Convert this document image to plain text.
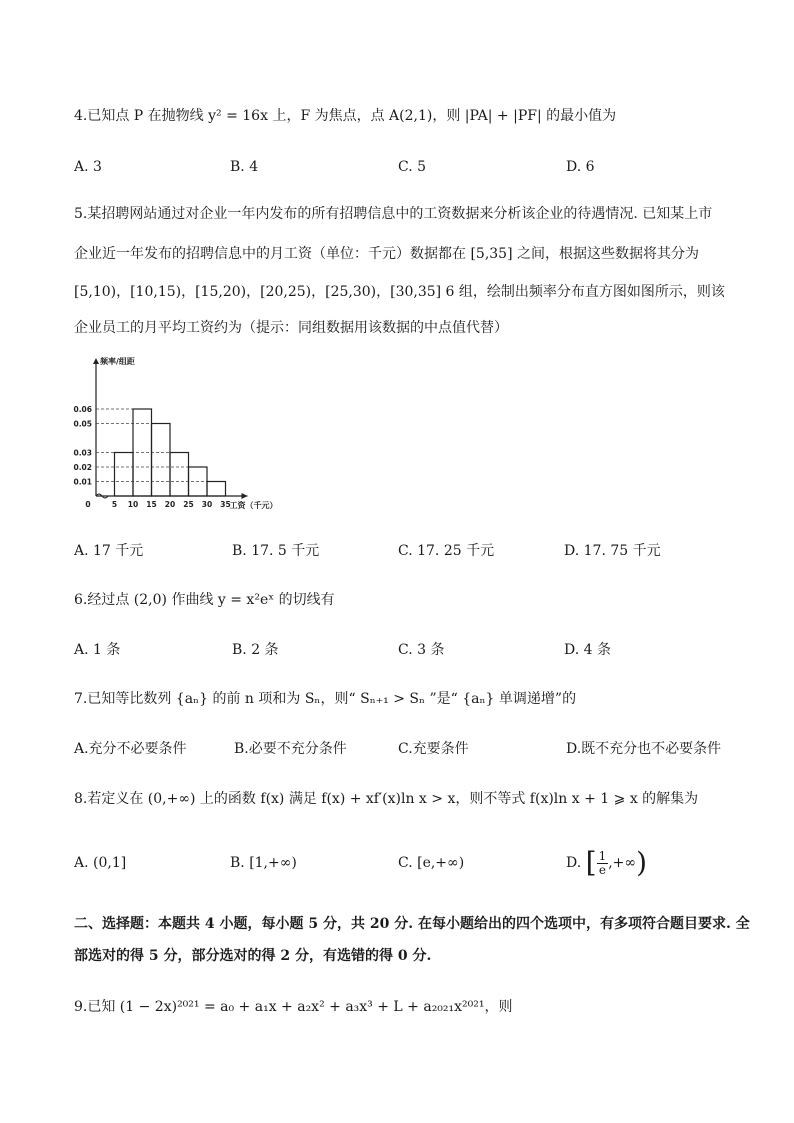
4.已知点 P 在抛物线 y² = 16x 上，F 为焦点，点 A(2,1)，则 |PA| + |PF| 的最小值为
A. 3	B. 4	C. 5	D. 6
5.某招聘网站通过对企业一年内发布的所有招聘信息中的工资数据来分析该企业的待遇情况. 已知某上市
企业近一年发布的招聘信息中的月工资（单位：千元）数据都在 [5,35] 之间，根据这些数据将其分为
[5,10)，[10,15)，[15,20)，[20,25)，[25,30)，[30,35] 6 组，绘制出频率分布直方图如图所示，则该
企业员工的月平均工资约为（提示：同组数据用该数据的中点值代替）
0.01
0.02
0.03
0.05
0.06
5 10 15 20 25 30 35
0
频率/组距
工资（千元）
A. 17 千元	B. 17. 5 千元	C. 17. 25 千元	D. 17. 75 千元
6.经过点 (2,0) 作曲线 y = x²eˣ 的切线有
A. 1 条	B. 2 条	C. 3 条	D. 4 条
7.已知等比数列 {aₙ} 的前 n 项和为 Sₙ，则“ Sₙ₊₁ > Sₙ ”是“ {aₙ} 单调递增”的
A.充分不必要条件	B.必要不充分条件	C.充要条件	D.既不充分也不必要条件
8.若定义在 (0,+∞) 上的函数 f(x) 满足 f(x) + xf′(x)ln x > x，则不等式 f(x)ln x + 1 ⩾ x 的解集为
A. (0,1]	B. [1,+∞)	C. [e,+∞)	D. [ $\frac{1}{e}$ ,+∞)
二、选择题：本题共 4 小题，每小题 5 分，共 20 分. 在每小题给出的四个选项中，有多项符合题目要求. 全
部选对的得 5 分，部分选对的得 2 分，有选错的得 0 分.
9.已知 (1 − 2x)²⁰²¹ = a₀ + a₁x + a₂x² + a₃x³ + L + a₂₀₂₁x²⁰²¹，则
